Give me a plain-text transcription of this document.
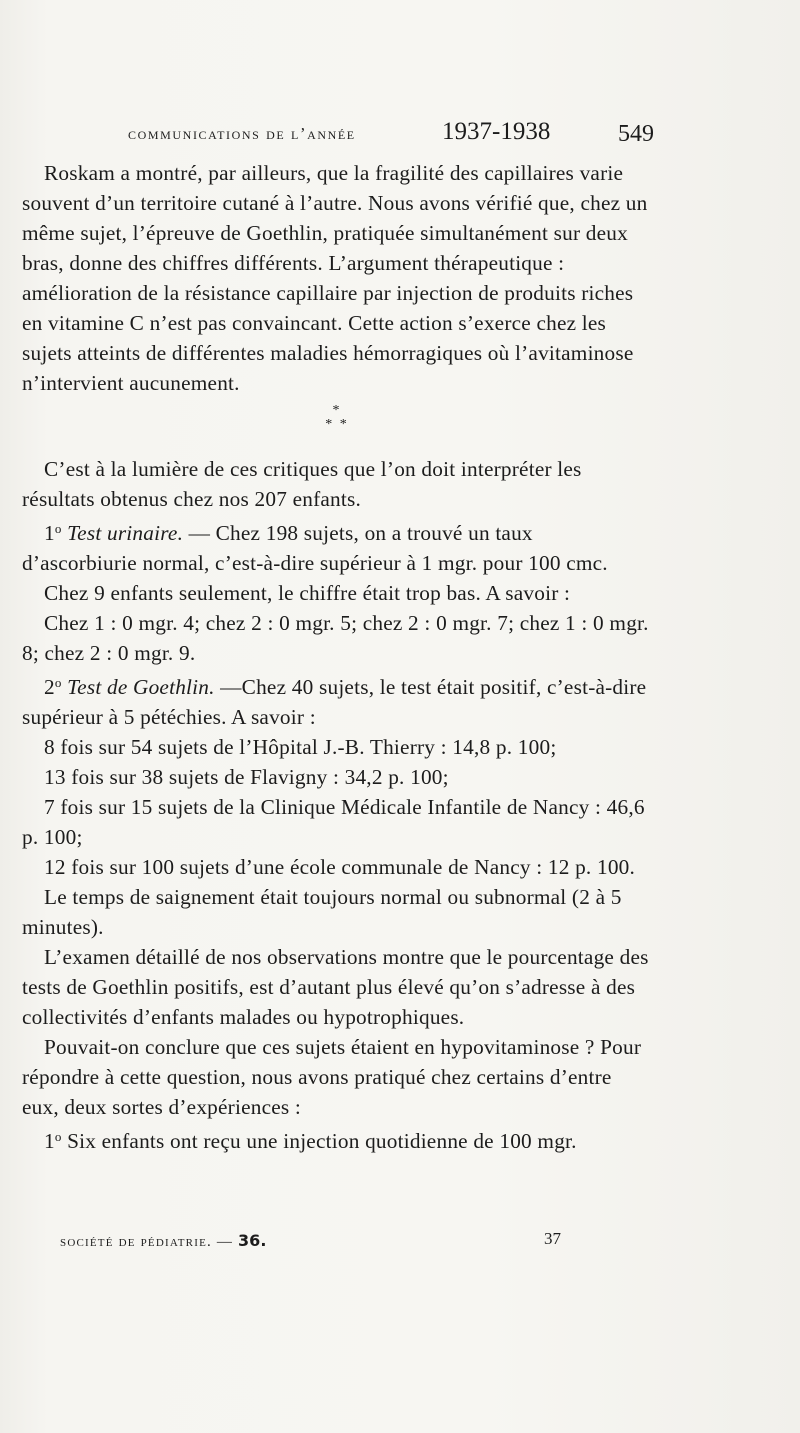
communications de l’année	1937-1938	549

Roskam a montré, par ailleurs, que la fragilité des capillaires varie souvent d’un territoire cutané à l’autre. Nous avons vérifié que, chez un même sujet, l’épreuve de Goethlin, pratiquée simultanément sur deux bras, donne des chiffres différents. L’argument thérapeutique : amélioration de la résistance capillaire par injection de produits riches en vitamine C n’est pas convaincant. Cette action s’exerce chez les sujets atteints de différentes maladies hémorragiques où l’avitaminose n’intervient aucunement.

*
* *

C’est à la lumière de ces critiques que l’on doit interpréter les résultats obtenus chez nos 207 enfants.

1$^o$ Test urinaire. — Chez 198 sujets, on a trouvé un taux d’ascorbiurie normal, c’est-à-dire supérieur à 1 mgr. pour 100 cmc.

Chez 9 enfants seulement, le chiffre était trop bas. A savoir :

Chez 1 : 0 mgr. 4; chez 2 : 0 mgr. 5; chez 2 : 0 mgr. 7; chez 1 : 0 mgr. 8; chez 2 : 0 mgr. 9.

2$^o$ Test de Goethlin. —Chez 40 sujets, le test était positif, c’est-à-dire supérieur à 5 pétéchies. A savoir :

8 fois sur 54 sujets de l’Hôpital J.-B. Thierry : 14,8 p. 100;

13 fois sur 38 sujets de Flavigny : 34,2 p. 100;

7 fois sur 15 sujets de la Clinique Médicale Infantile de Nancy : 46,6 p. 100;

12 fois sur 100 sujets d’une école communale de Nancy : 12 p. 100.

Le temps de saignement était toujours normal ou subnormal (2 à 5 minutes).

L’examen détaillé de nos observations montre que le pourcentage des tests de Goethlin positifs, est d’autant plus élevé qu’on s’adresse à des collectivités d’enfants malades ou hypotrophiques.

Pouvait-on conclure que ces sujets étaient en hypovitaminose ? Pour répondre à cette question, nous avons pratiqué chez certains d’entre eux, deux sortes d’expériences :

1$^o$ Six enfants ont reçu une injection quotidienne de 100 mgr.

société de pédiatrie. — 36.	37
